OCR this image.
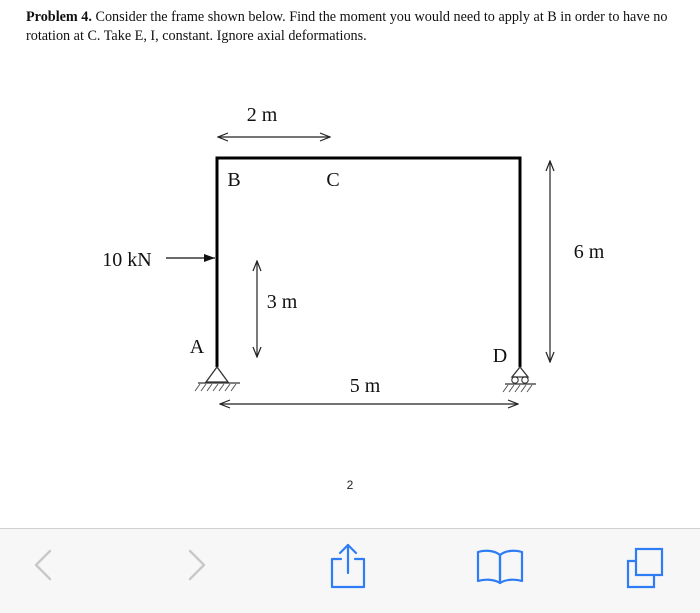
Problem 4. Consider the frame shown below. Find the moment you would need to apply at B in order to have no rotation at C. Take E, I, constant. Ignore axial deformations.
2 m
6 m
3 m
5 m
10 kN
A
B	C
D
2
